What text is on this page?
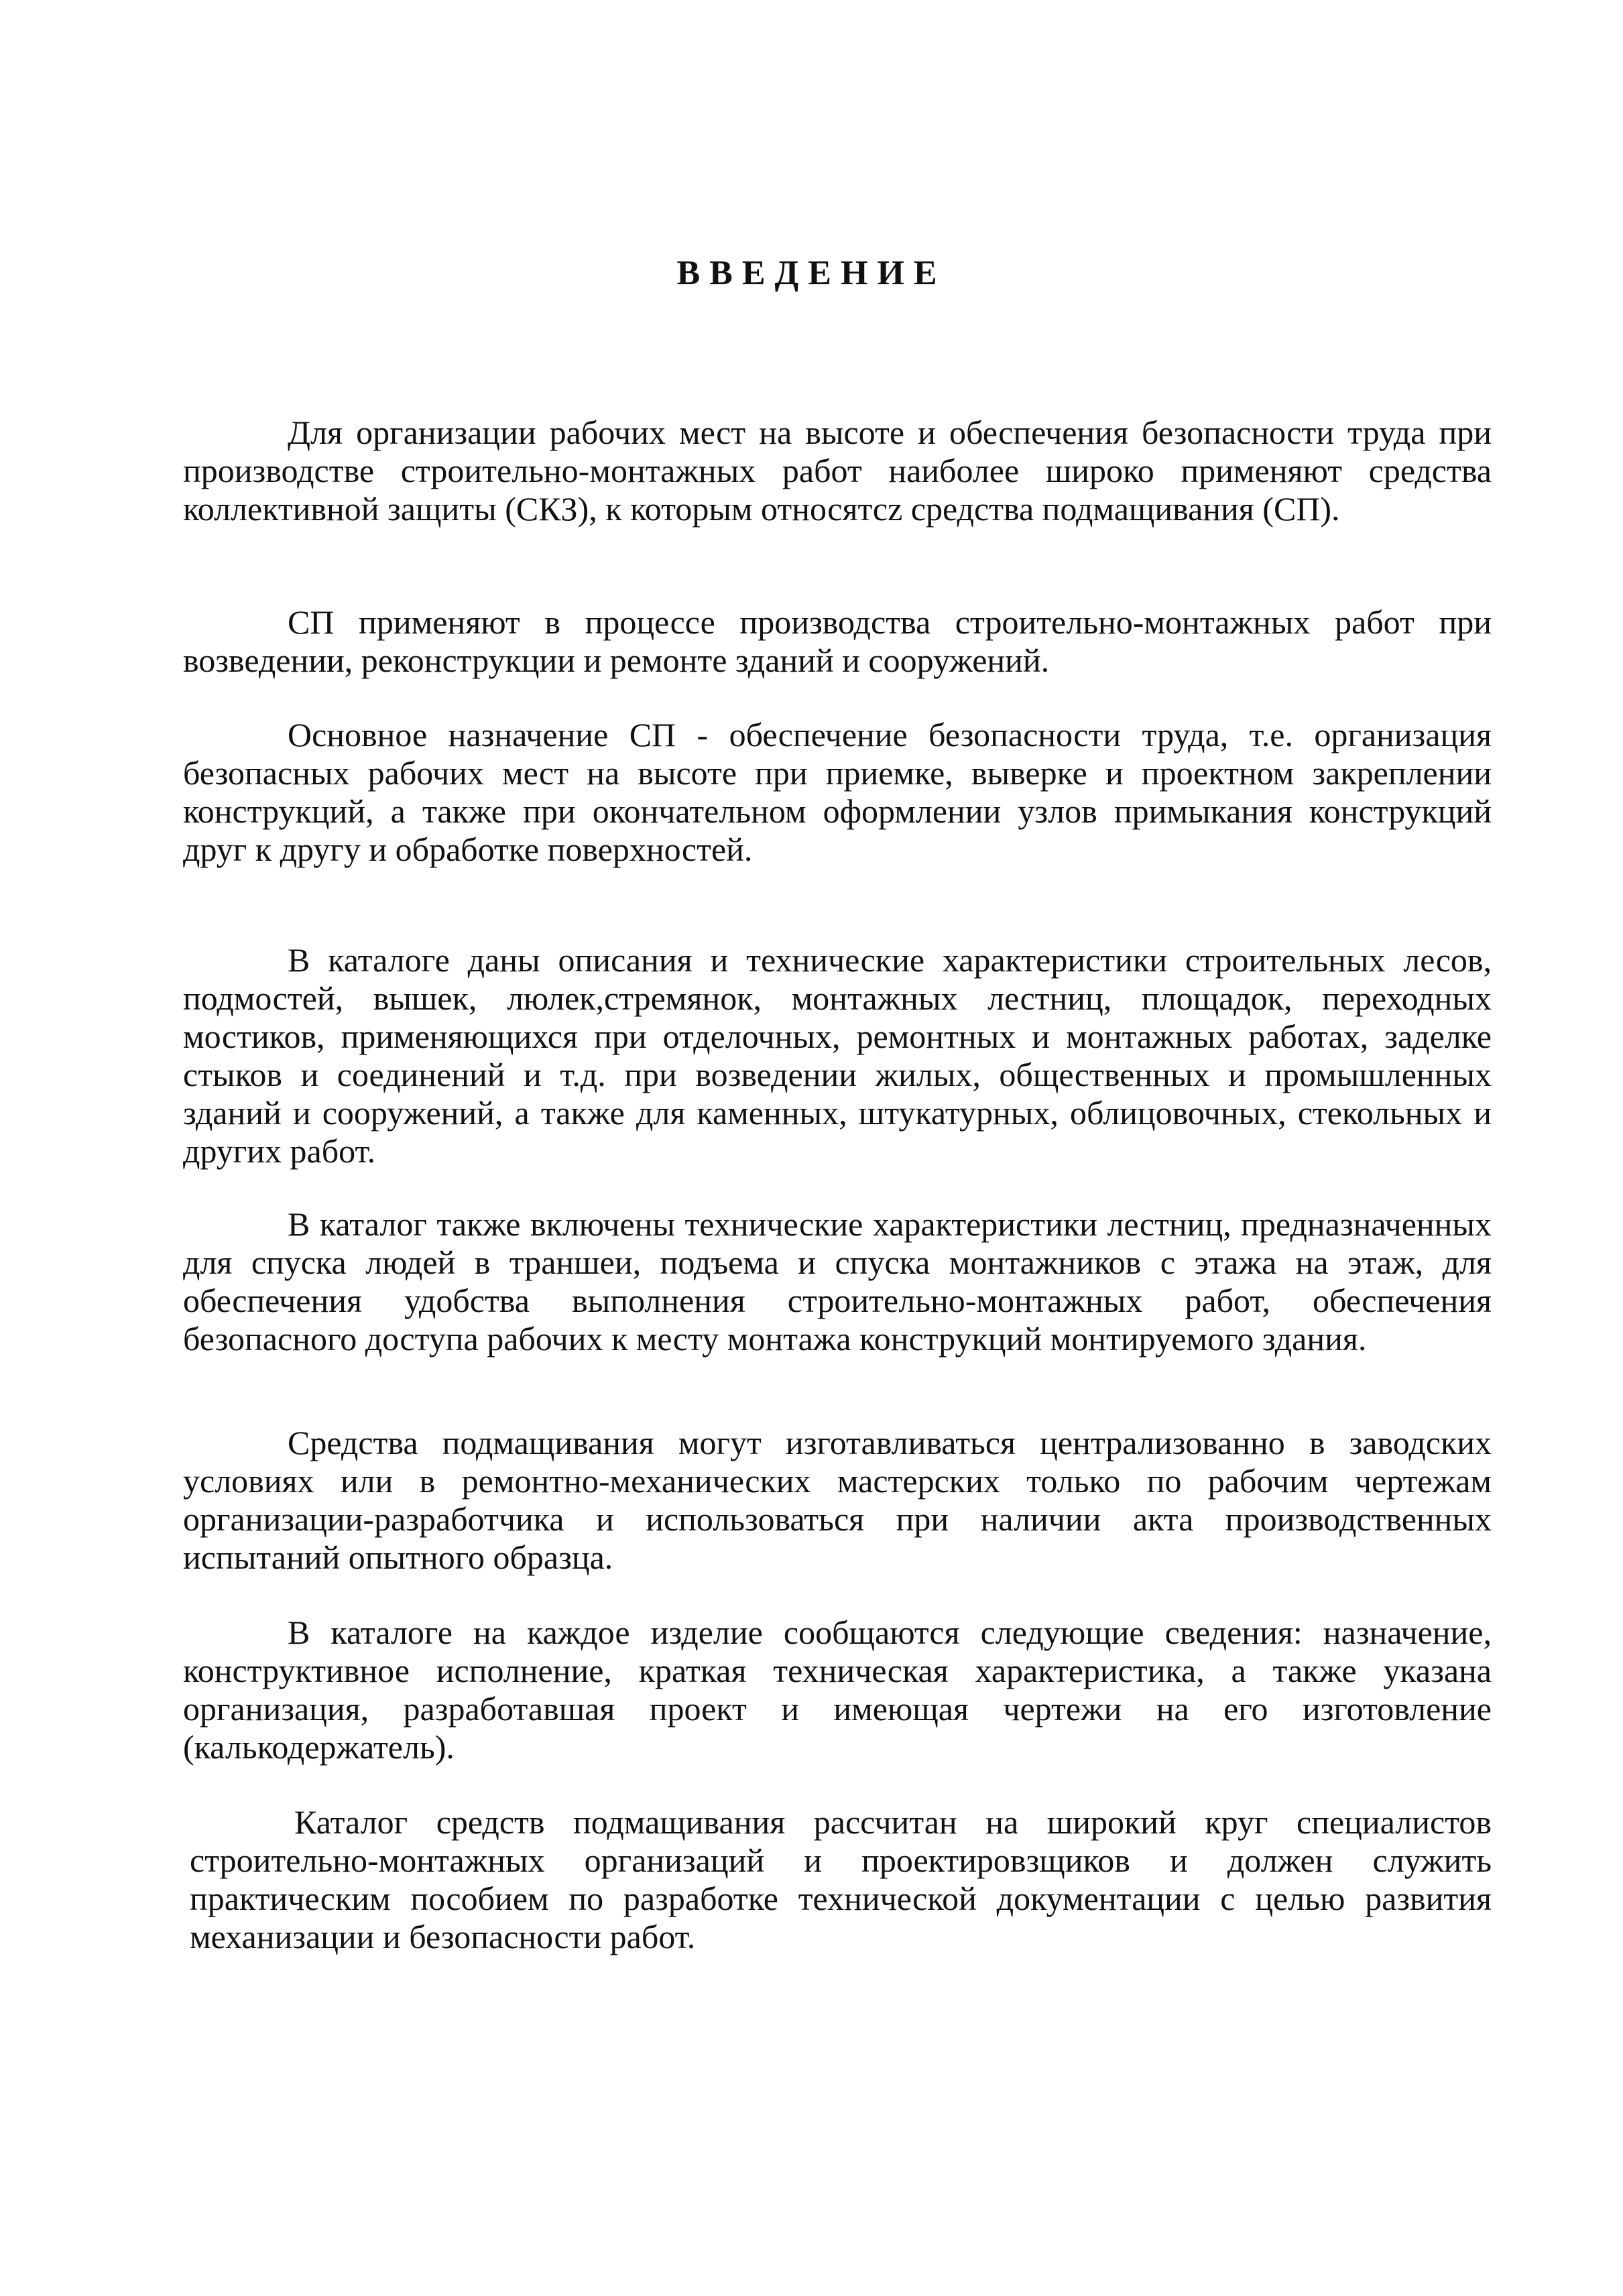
ВВЕДЕНИЕ

Для организации рабочих мест на высоте и обеспечения безопасности труда при производстве строительно-монтажных работ наиболее широко применяют средства коллективной защиты (СКЗ), к которым относятсz средства подмащивания (СП).

СП применяют в процессе производства строительно-монтажных работ при возведении, реконструкции и ремонте зданий и сооружений.

Основное назначение СП - обеспечение безопасности труда, т.е. организация безопасных рабочих мест на высоте при приемке, выверке и проектном закреплении конструкций, а также при окончательном оформлении узлов примыкания конструкций друг к другу и обработке поверхностей.

В каталоге даны описания и технические характеристики строительных лесов, подмостей, вышек, люлек,стремянок, монтажных лестниц, площадок, переходных мостиков, применяющихся при отделочных, ремонтных и монтажных работах, заделке стыков и соединений и т.д. при возведении жилых, общественных и промышленных зданий и сооружений, а также для каменных, штукатурных, облицовочных, стекольных и других работ.

В каталог также включены технические характеристики лестниц, предназначенных для спуска людей в траншеи, подъема и спуска монтажников с этажа на этаж, для обеспечения удобства выполнения строительно-монтажных работ, обеспечения безопасного доступа рабочих к месту монтажа конструкций монтируемого здания.

Средства подмащивания могут изготавливаться централизованно в заводских условиях или в ремонтно-механических мастерских только по рабочим чертежам организации-разработчика и использоваться при наличии акта производственных испытаний опытного образца.

В каталоге на каждое изделие сообщаются следующие сведения: назначение, конструктивное исполнение, краткая техническая характеристика, а также указана организация, разработавшая проект и имеющая чертежи на его изготовление (калькодержатель).

Каталог средств подмащивания рассчитан на широкий круг специалистов строительно-монтажных организаций и проектировзщиков и должен служить практическим пособием по разработке технической документации с целью развития механизации и безопасности работ.
